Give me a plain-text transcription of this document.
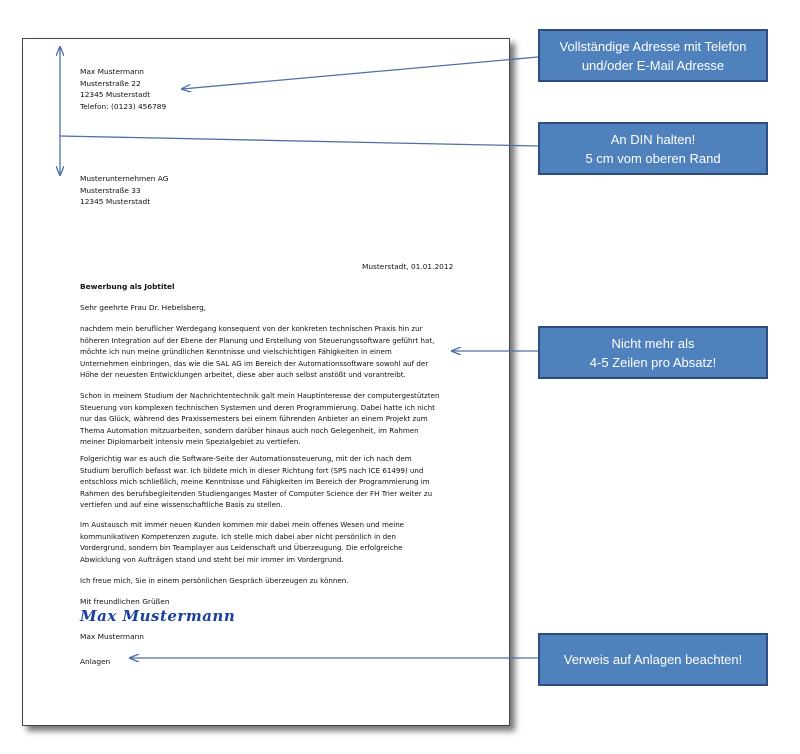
Max Mustermann

Musterstraße 22

12345 Musterstadt

Telefon: (0123) 456789

Musterunternehmen AG

Musterstraße 33

12345 Musterstadt

Musterstadt, 01.01.2012
Bewerbung als Jobtitel
Sehr geehrte Frau Dr. Hebelsberg,
nachdem mein beruflicher Werdegang konsequent von der konkreten technischen Praxis hin zur
höheren Integration auf der Ebene der Planung und Erstellung von Steuerungssoftware geführt hat,
möchte ich nun meine gründlichen Kenntnisse und vielschichtigen Fähigkeiten in einem
Unternehmen einbringen, das wie die SAL AG im Bereich der Automationssoftware sowohl auf der
Höhe der neuesten Entwicklungen arbeitet, diese aber auch selbst anstößt und vorantreibt.
Schon in meinem Studium der Nachrichtentechnik galt mein Hauptinteresse der computergestützten
Steuerung von komplexen technischen Systemen und deren Programmierung. Dabei hatte ich nicht
nur das Glück, während des Praxissemesters bei einem führenden Anbieter an einem Projekt zum
Thema Automation mitzuarbeiten, sondern darüber hinaus auch noch Gelegenheit, im Rahmen
meiner Diplomarbeit intensiv mein Spezialgebiet zu vertiefen.
Folgerichtig war es auch die Software-Seite der Automationssteuerung, mit der ich nach dem
Studium beruflich befasst war. Ich bildete mich in dieser Richtung fort (SPS nach ICE 61499) und
entschloss mich schließlich, meine Kenntnisse und Fähigkeiten im Bereich der Programmierung im
Rahmen des berufsbegleitenden Studienganges Master of Computer Science der FH Trier weiter zu
vertiefen und auf eine wissenschaftliche Basis zu stellen.
Im Austausch mit immer neuen Kunden kommen mir dabei mein offenes Wesen und meine
kommunikativen Kompetenzen zugute. Ich stelle mich dabei aber nicht persönlich in den
Vordergrund, sondern bin Teamplayer aus Leidenschaft und Überzeugung. Die erfolgreiche
Abwicklung von Aufträgen stand und steht bei mir immer im Vordergrund.
Ich freue mich, Sie in einem persönlichen Gespräch überzeugen zu können.
Mit freundlichen Grüßen
Max Mustermann
Max Mustermann
Anlagen
Vollständige Adresse mit Telefon
und/oder E-Mail Adresse
An DIN halten!
5 cm vom oberen Rand
Nicht mehr als
4-5 Zeilen pro Absatz!
Verweis auf Anlagen beachten!
